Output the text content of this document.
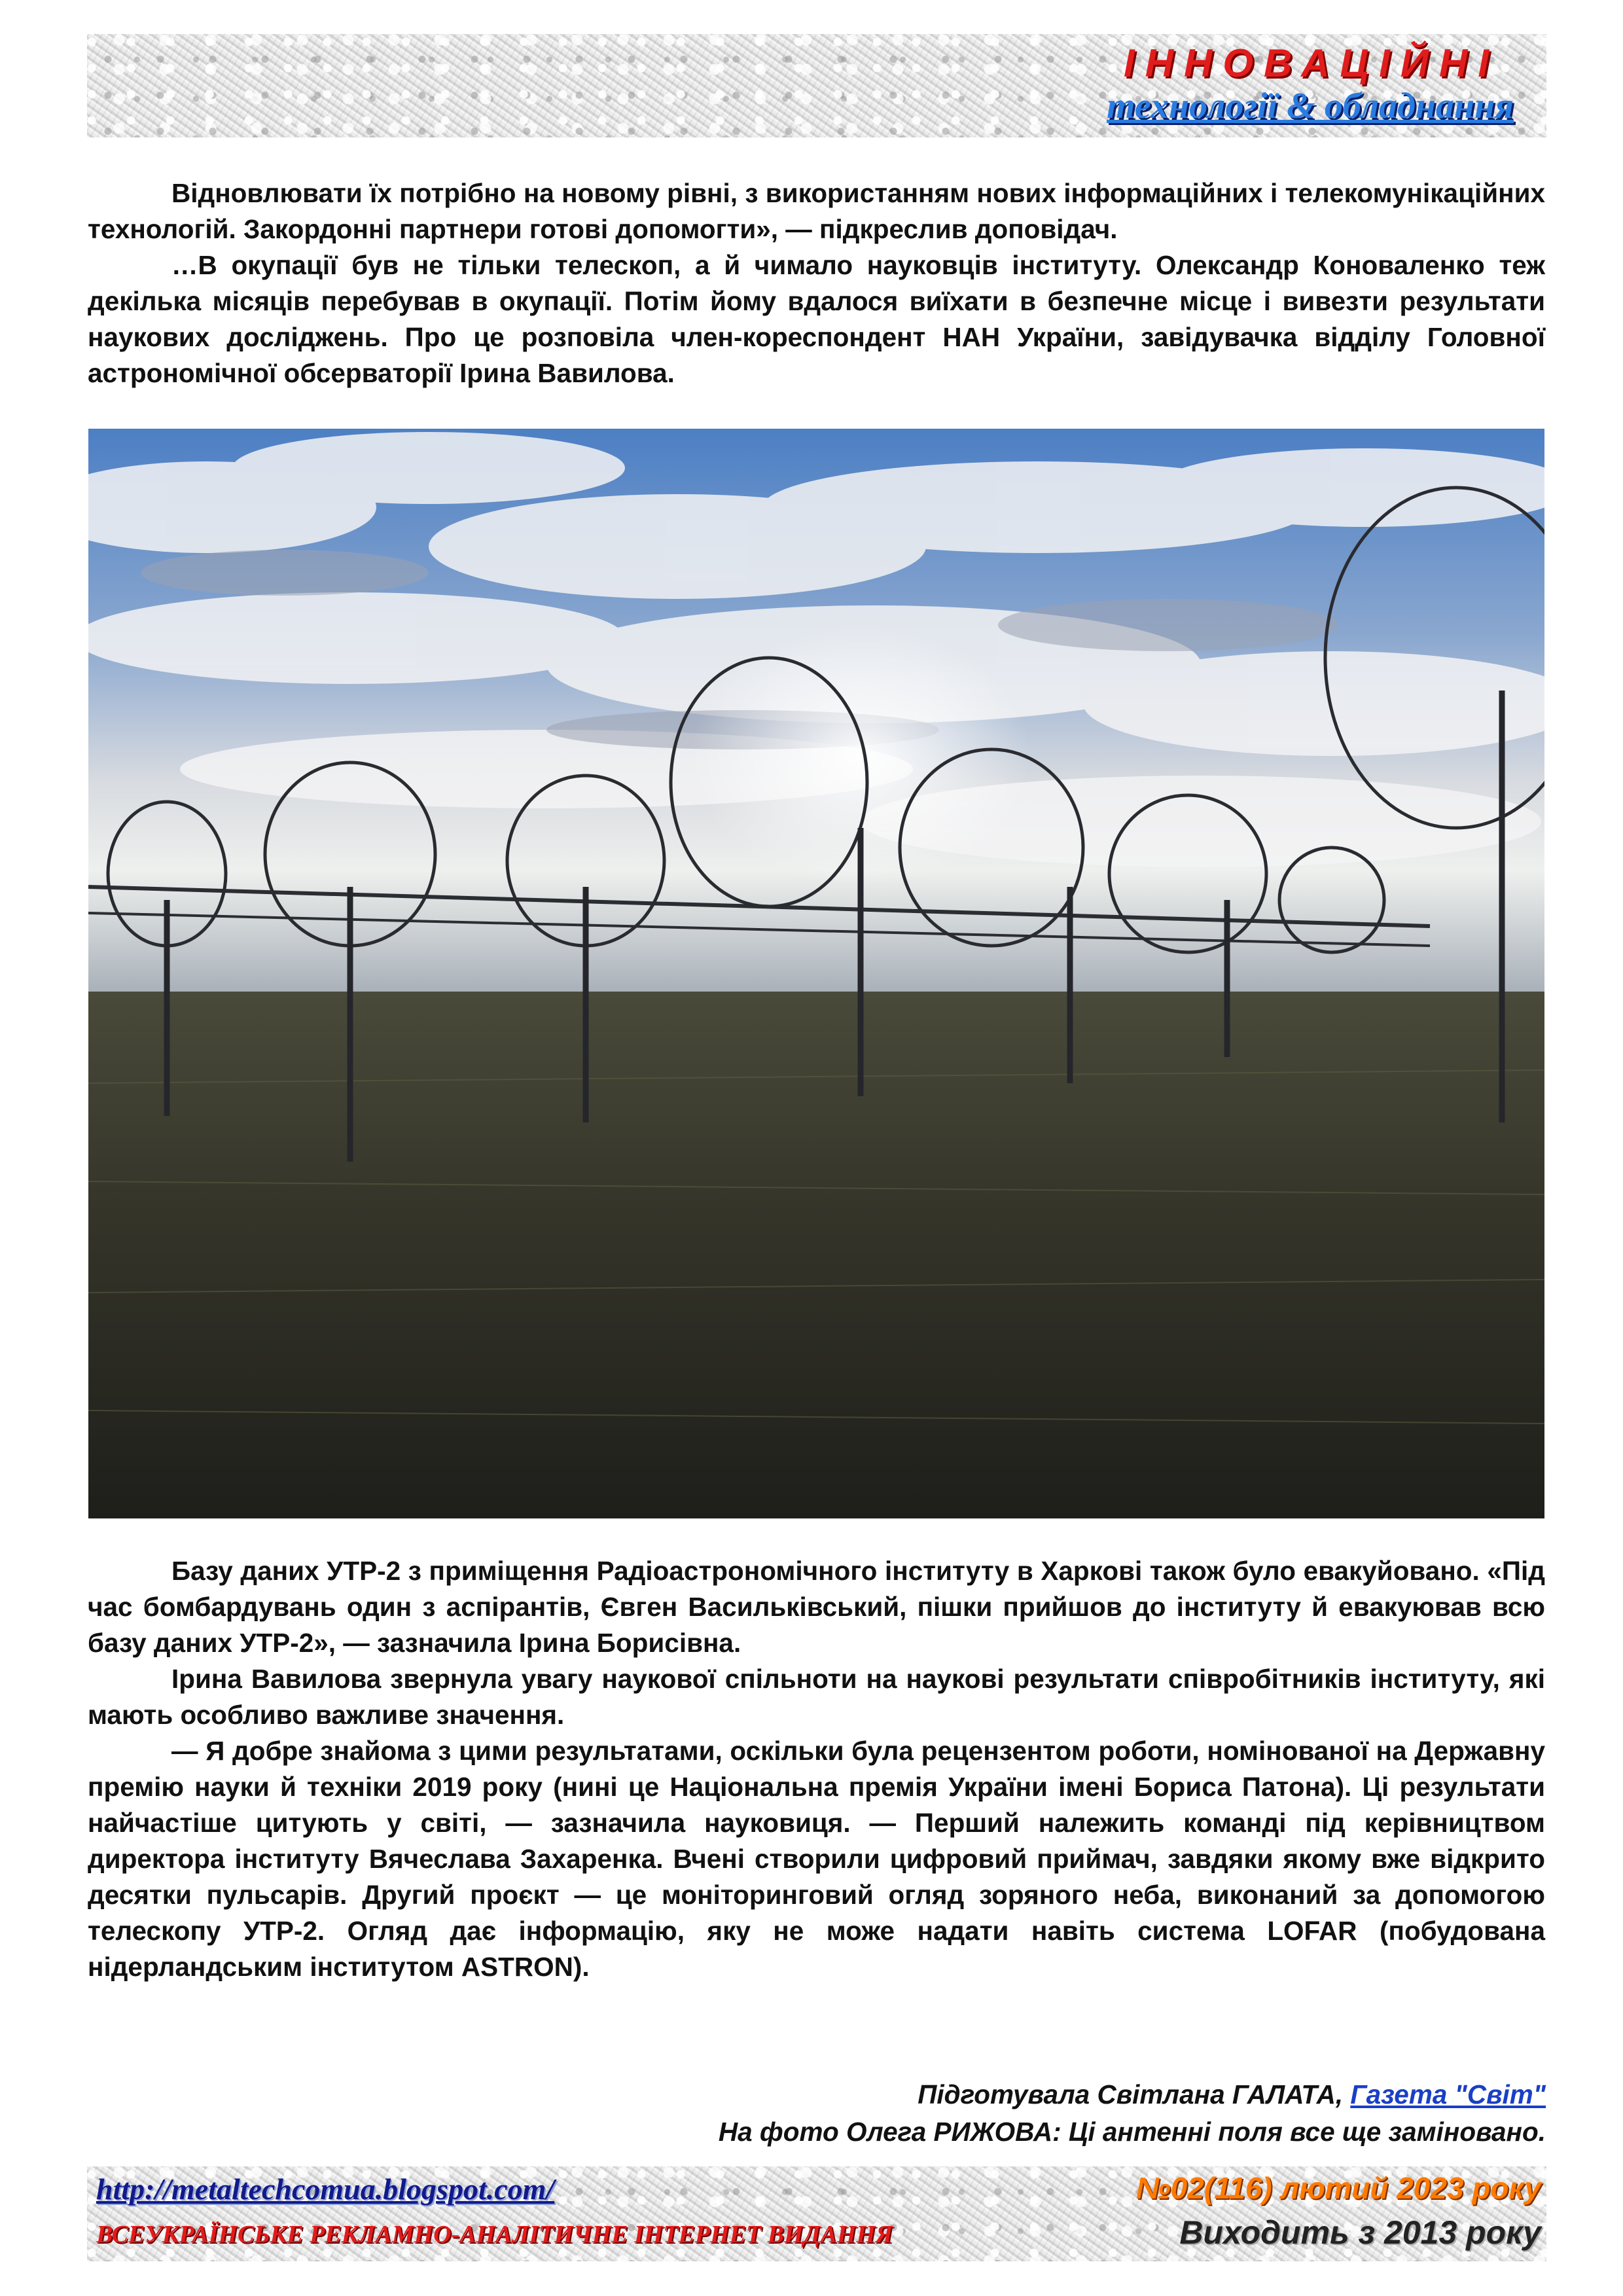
ІННОВАЦІЙНІ
технології & обладнання

Відновлювати їх потрібно на новому рівні, з використанням нових інформаційних і телекомунікаційних технологій. Закордонні партнери готові допомогти», — підкреслив доповідач.

…В окупації був не тільки телескоп, а й чимало науковців інституту. Олександр Коноваленко теж декілька місяців перебував в окупації. Потім йому вдалося виїхати в безпечне місце і вивезти результати наукових досліджень. Про це розповіла член-кореспондент НАН України, завідувачка відділу Головної астрономічної обсерваторії Ірина Вавилова.

Базу даних УТР-2 з приміщення Радіоастрономічного інституту в Харкові також було евакуйовано. «Під час бомбардувань один з аспірантів, Євген Васильківський, пішки прийшов до інституту й евакуював всю базу даних УТР-2», — зазначила Ірина Борисівна.

Ірина Вавилова звернула увагу наукової спільноти на наукові результати співробітників інституту, які мають особливо важливе значення.

— Я добре знайома з цими результатами, оскільки була рецензентом роботи, номінованої на Державну премію науки й техніки 2019 року (нині це Національна премія України імені Бориса Патона). Ці результати найчастіше цитують у світі, — зазначила науковиця. — Перший належить команді під керівництвом директора інституту Вячеслава Захаренка. Вчені створили цифровий приймач, завдяки якому вже відкрито десятки пульсарів. Другий проєкт — це моніторинговий огляд зоряного неба, виконаний за допомогою телескопу УТР-2. Огляд дає інформацію, яку не може надати навіть система LOFAR (побудована нідерландським інститутом ASTRON).

Підготувала Світлана ГАЛАТА, Газета "Світ"
На фото Олега РИЖОВА: Ці антенні поля все ще заміновано.
http://metaltechcomua.blogspot.com/
ВСЕУКРАЇНСЬКЕ РЕКЛАМНО-АНАЛІТИЧНЕ ІНТЕРНЕТ ВИДАННЯ
№02(116) лютий 2023 року
Виходить з 2013 року
